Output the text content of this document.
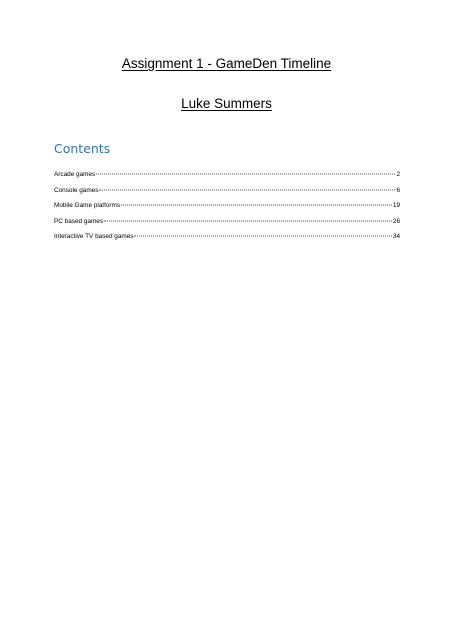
Assignment 1 - GameDen Timeline
Luke Summers
Contents
Arcade games	2
Console games	6
Mobile Game platforms	19
PC based games	26
Interactive TV based games	34
